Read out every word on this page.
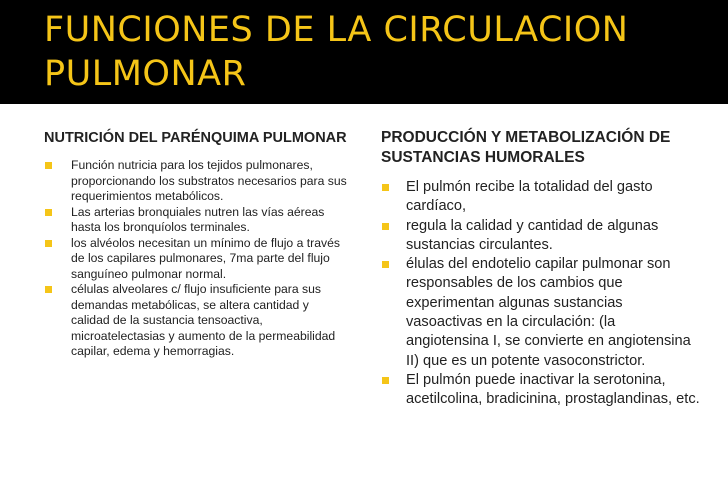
FUNCIONES DE LA CIRCULACION PULMONAR
NUTRICIÓN DEL PARÉNQUIMA PULMONAR
Función nutricia para los tejidos pulmonares, proporcionando los substratos necesarios para sus requerimientos metabólicos.
Las arterias bronquiales nutren las vías aéreas hasta los bronquíolos terminales.
los alvéolos necesitan un mínimo de flujo a través de los capilares pulmonares, 7ma parte del flujo sanguíneo pulmonar normal.
células alveolares c/ flujo insuficiente para sus demandas metabólicas, se altera cantidad y calidad de la sustancia tensoactiva, microatelectasias y aumento de la permeabilidad capilar, edema y hemorragias.
PRODUCCIÓN Y METABOLIZACIÓN DE SUSTANCIAS HUMORALES
El pulmón recibe la totalidad del gasto cardíaco,
regula la calidad y cantidad de algunas sustancias circulantes.
élulas del endotelio capilar pulmonar son responsables de los cambios que experimentan algunas sustancias vasoactivas en la circulación: (la angiotensina I, se convierte en angiotensina II) que es un potente vasoconstrictor.
El pulmón puede inactivar la serotonina, acetilcolina, bradicinina, prostaglandinas, etc.
